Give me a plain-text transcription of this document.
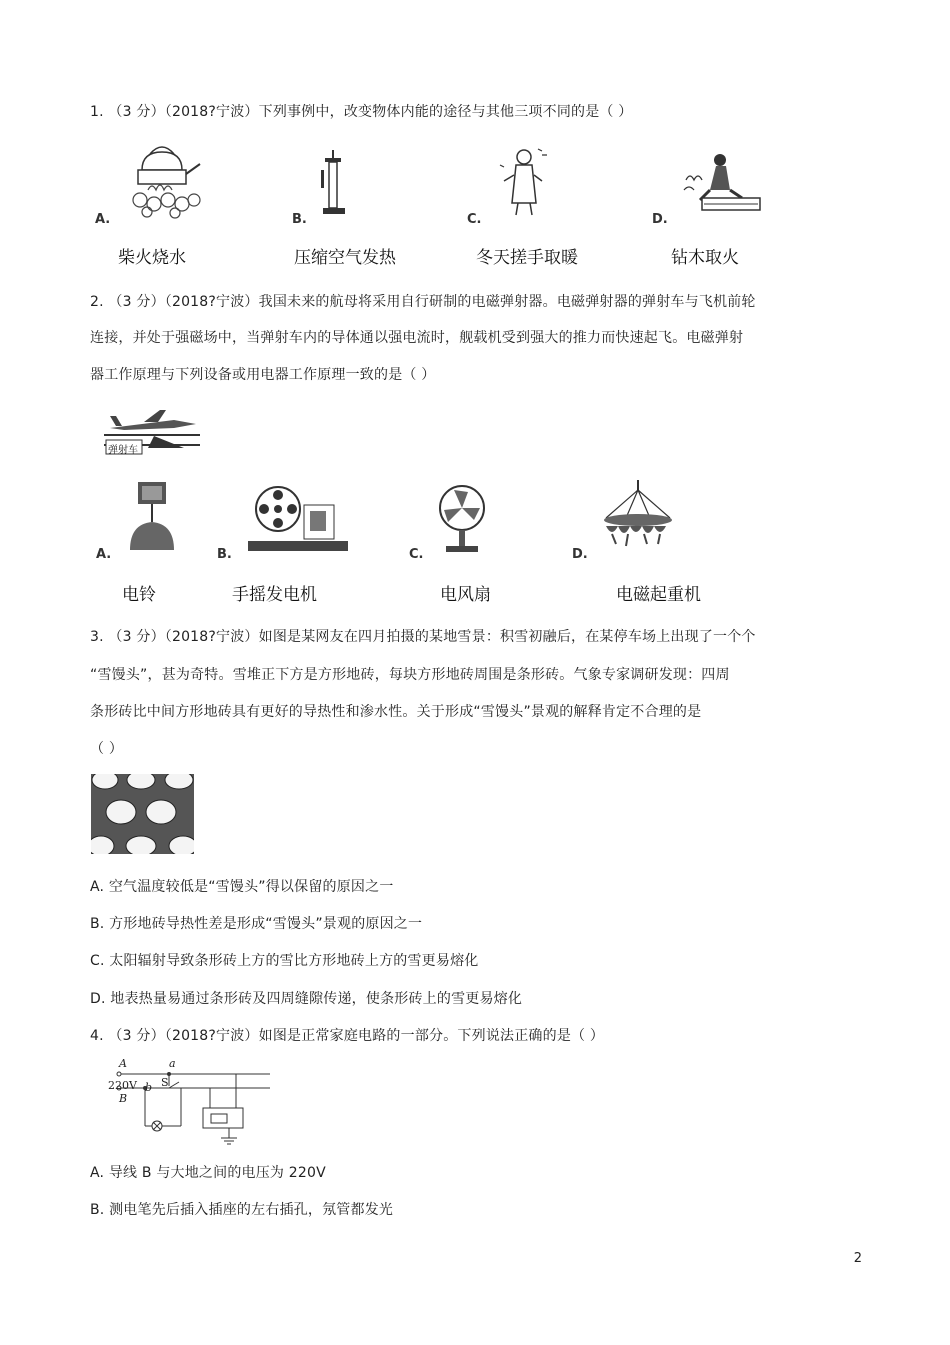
1. （3 分）（2018?宁波）下列事例中，改变物体内能的途径与其他三项不同的是（ ）
A.
柴火烧水
B.
压缩空气发热
C.
冬天搓手取暖
D.
钻木取火
2. （3 分）（2018?宁波）我国未来的航母将采用自行研制的电磁弹射器。电磁弹射器的弹射车与飞机前轮
连接，并处于强磁场中，当弹射车内的导体通以强电流时，舰载机受到强大的推力而快速起飞。电磁弹射
器工作原理与下列设备或用电器工作原理一致的是（ ）
弹射车
A.
电铃
B.
手摇发电机
C.
电风扇
D.
电磁起重机
3. （3 分）（2018?宁波）如图是某网友在四月拍摄的某地雪景：积雪初融后，在某停车场上出现了一个个
“雪馒头”，甚为奇特。雪堆正下方是方形地砖，每块方形地砖周围是条形砖。气象专家调研发现：四周
条形砖比中间方形地砖具有更好的导热性和渗水性。关于形成“雪馒头”景观的解释肯定不合理的是
（ ）
A. 空气温度较低是“雪馒头”得以保留的原因之一
B. 方形地砖导热性差是形成“雪馒头”景观的原因之一
C. 太阳辐射导致条形砖上方的雪比方形地砖上方的雪更易熔化
D. 地表热量易通过条形砖及四周缝隙传递，使条形砖上的雪更易熔化
4. （3 分）（2018?宁波）如图是正常家庭电路的一部分。下列说法正确的是（ ）
A	a
220V b S
B
A. 导线 B 与大地之间的电压为 220V
B. 测电笔先后插入插座的左右插孔，氖管都发光
2
